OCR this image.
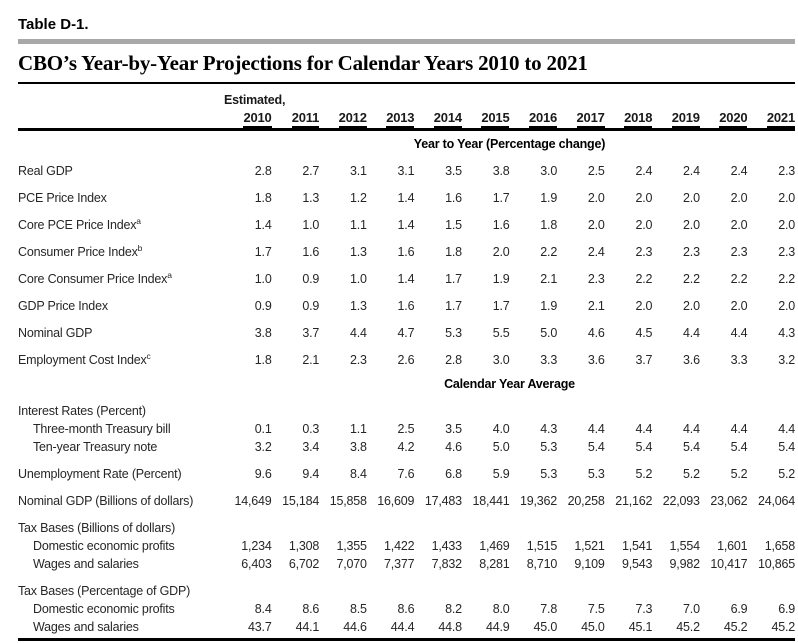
Table D-1.
CBO’s Year-by-Year Projections for Calendar Years 2010 to 2021
Estimated,
2010	2011	2012	2013	2014	2015	2016	2017	2018	2019	2020	2021
Year to Year (Percentage change)
Real GDP	2.8	2.7	3.1	3.1	3.5	3.8	3.0	2.5	2.4	2.4	2.4	2.3
PCE Price Index	1.8	1.3	1.2	1.4	1.6	1.7	1.9	2.0	2.0	2.0	2.0	2.0
Core PCE Price Index$^a$	1.4	1.0	1.1	1.4	1.5	1.6	1.8	2.0	2.0	2.0	2.0	2.0
Consumer Price Index$^b$	1.7	1.6	1.3	1.6	1.8	2.0	2.2	2.4	2.3	2.3	2.3	2.3
Core Consumer Price Index$^a$	1.0	0.9	1.0	1.4	1.7	1.9	2.1	2.3	2.2	2.2	2.2	2.2
GDP Price Index	0.9	0.9	1.3	1.6	1.7	1.7	1.9	2.1	2.0	2.0	2.0	2.0
Nominal GDP	3.8	3.7	4.4	4.7	5.3	5.5	5.0	4.6	4.5	4.4	4.4	4.3
Employment Cost Index$^c$	1.8	2.1	2.3	2.6	2.8	3.0	3.3	3.6	3.7	3.6	3.3	3.2
Calendar Year Average
Interest Rates (Percent)
Three-month Treasury bill	0.1	0.3	1.1	2.5	3.5	4.0	4.3	4.4	4.4	4.4	4.4	4.4
Ten-year Treasury note	3.2	3.4	3.8	4.2	4.6	5.0	5.3	5.4	5.4	5.4	5.4	5.4
Unemployment Rate (Percent)	9.6	9.4	8.4	7.6	6.8	5.9	5.3	5.3	5.2	5.2	5.2	5.2
Nominal GDP (Billions of dollars)	14,649 15,184 15,858 16,609 17,483 18,441 19,362 20,258 21,162 22,093 23,062 24,064
Tax Bases (Billions of dollars)
Domestic economic profits	1,234	1,308	1,355	1,422	1,433	1,469	1,515	1,521	1,541	1,554	1,601	1,658
Wages and salaries	6,403	6,702	7,070	7,377	7,832	8,281	8,710	9,109	9,543	9,982 10,417 10,865
Tax Bases (Percentage of GDP)
Domestic economic profits	8.4	8.6	8.5	8.6	8.2	8.0	7.8	7.5	7.3	7.0	6.9	6.9
Wages and salaries	43.7	44.1	44.6	44.4	44.8	44.9	45.0	45.0	45.1	45.2	45.2	45.2
